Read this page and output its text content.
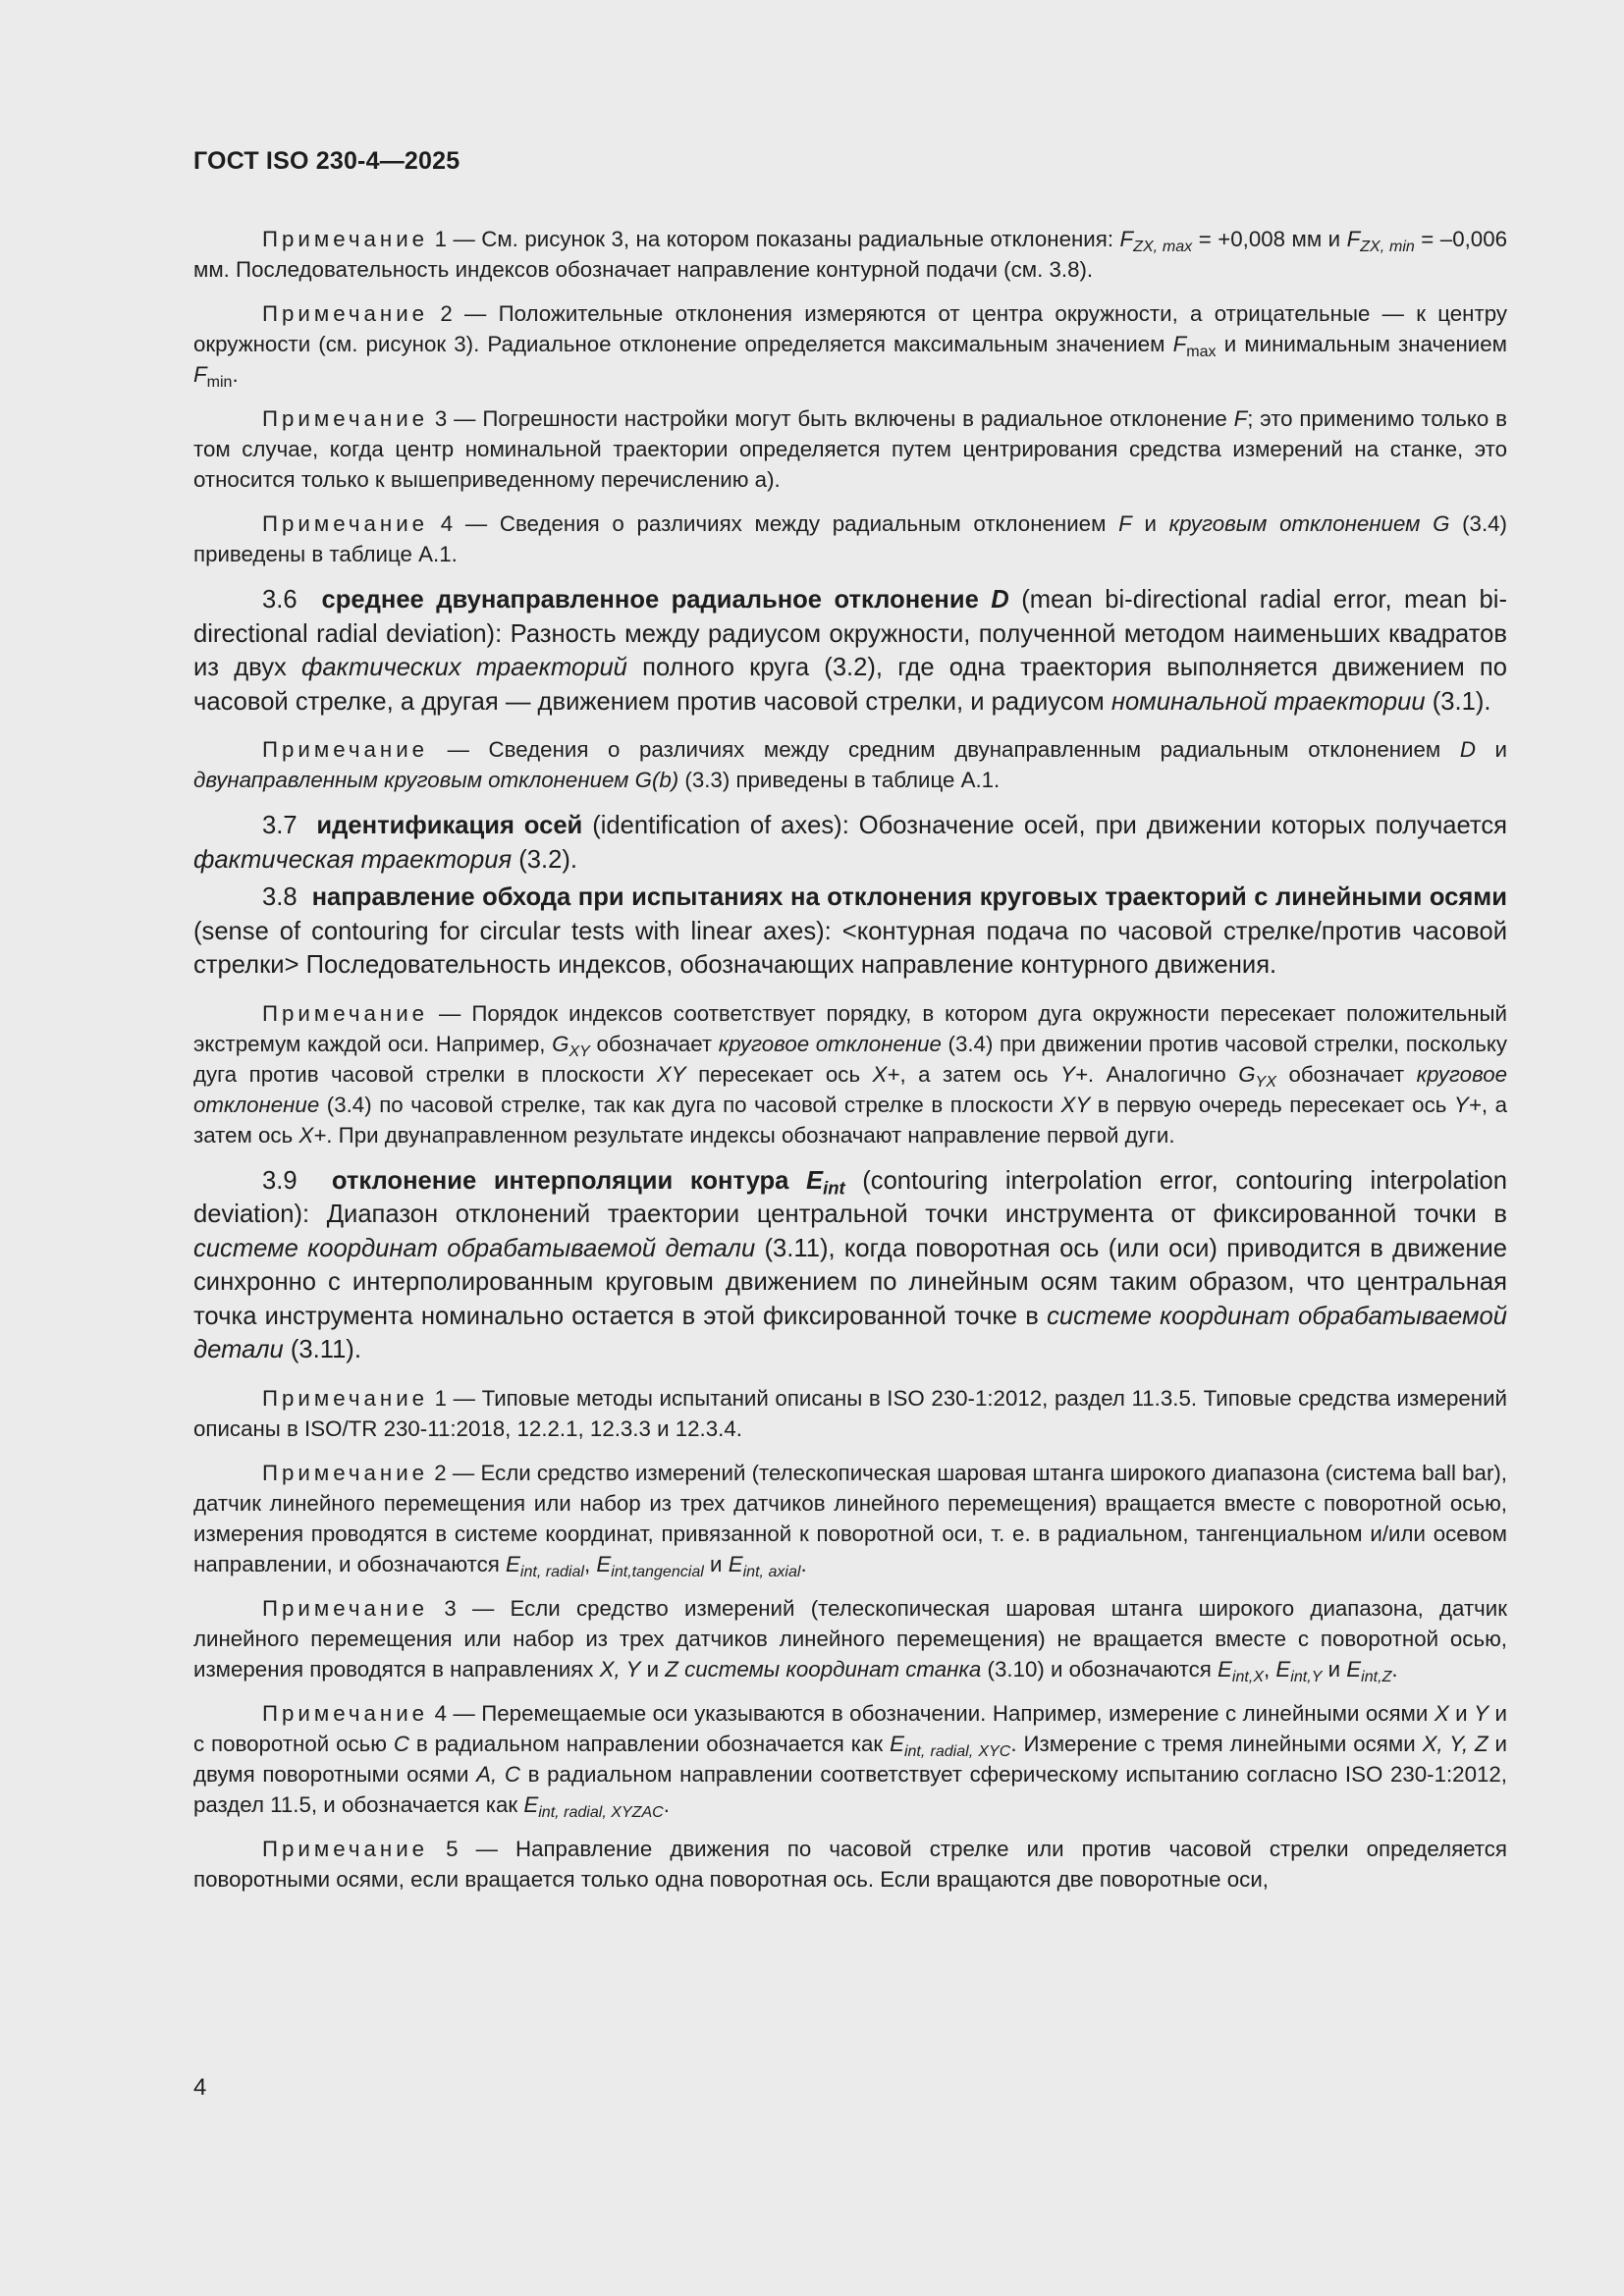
ГОСТ ISO 230-4—2025

Примечание 1 — См. рисунок 3, на котором показаны радиальные отклонения: $F_{ZX, max} = +0,008$ мм и $F_{ZX, min} = -0,006$ мм. Последовательность индексов обозначает направление контурной подачи (см. 3.8).

Примечание 2 — Положительные отклонения измеряются от центра окружности, а отрицательные — к центру окружности (см. рисунок 3). Радиальное отклонение определяется максимальным значением $F_{max}$ и минимальным значением $F_{min}$.

Примечание 3 — Погрешности настройки могут быть включены в радиальное отклонение F; это применимо только в том случае, когда центр номинальной траектории определяется путем центрирования средства измерений на станке, это относится только к вышеприведенному перечислению а).

Примечание 4 — Сведения о различиях между радиальным отклонением F и круговым отклонением G (3.4) приведены в таблице А.1.

3.6 среднее двунаправленное радиальное отклонение D (mean bi-directional radial error, mean bi-directional radial deviation): Разность между радиусом окружности, полученной методом наименьших квадратов из двух фактических траекторий полного круга (3.2), где одна траектория выполняется движением по часовой стрелке, а другая — движением против часовой стрелки, и радиусом номинальной траектории (3.1).

Примечание — Сведения о различиях между средним двунаправленным радиальным отклонением D и двунаправленным круговым отклонением G(b) (3.3) приведены в таблице А.1.

3.7 идентификация осей (identification of axes): Обозначение осей, при движении которых получается фактическая траектория (3.2).

3.8 направление обхода при испытаниях на отклонения круговых траекторий с линейными осями (sense of contouring for circular tests with linear axes): <контурная подача по часовой стрелке/против часовой стрелки> Последовательность индексов, обозначающих направление контурного движения.

Примечание — Порядок индексов соответствует порядку, в котором дуга окружности пересекает положительный экстремум каждой оси. Например, $G_{XY}$ обозначает круговое отклонение (3.4) при движении против часовой стрелки, поскольку дуга против часовой стрелки в плоскости XY пересекает ось X+, а затем ось Y+. Аналогично $G_{YX}$ обозначает круговое отклонение (3.4) по часовой стрелке, так как дуга по часовой стрелке в плоскости XY в первую очередь пересекает ось Y+, а затем ось X+. При двунаправленном результате индексы обозначают направление первой дуги.

3.9 отклонение интерполяции контура $E_{int}$ (contouring interpolation error, contouring interpolation deviation): Диапазон отклонений траектории центральной точки инструмента от фиксированной точки в системе координат обрабатываемой детали (3.11), когда поворотная ось (или оси) приводится в движение синхронно с интерполированным круговым движением по линейным осям таким образом, что центральная точка инструмента номинально остается в этой фиксированной точке в системе координат обрабатываемой детали (3.11).

Примечание 1 — Типовые методы испытаний описаны в ISO 230-1:2012, раздел 11.3.5. Типовые средства измерений описаны в ISO/TR 230-11:2018, 12.2.1, 12.3.3 и 12.3.4.

Примечание 2 — Если средство измерений (телескопическая шаровая штанга широкого диапазона (система ball bar), датчик линейного перемещения или набор из трех датчиков линейного перемещения) вращается вместе с поворотной осью, измерения проводятся в системе координат, привязанной к поворотной оси, т. е. в радиальном, тангенциальном и/или осевом направлении, и обозначаются $E_{int, radial}$, $E_{int,tangencial}$ и $E_{int, axial}$.

Примечание 3 — Если средство измерений (телескопическая шаровая штанга широкого диапазона, датчик линейного перемещения или набор из трех датчиков линейного перемещения) не вращается вместе с поворотной осью, измерения проводятся в направлениях X, Y и Z системы координат станка (3.10) и обозначаются $E_{int,X}$, $E_{int,Y}$ и $E_{int,Z}$.

Примечание 4 — Перемещаемые оси указываются в обозначении. Например, измерение с линейными осями X и Y и с поворотной осью C в радиальном направлении обозначается как $E_{int, radial, XYC}$. Измерение с тремя линейными осями X, Y, Z и двумя поворотными осями A, C в радиальном направлении соответствует сферическому испытанию согласно ISO 230-1:2012, раздел 11.5, и обозначается как $E_{int, radial, XYZAC}$.

Примечание 5 — Направление движения по часовой стрелке или против часовой стрелки определяется поворотными осями, если вращается только одна поворотная ось. Если вращаются две поворотные оси,

4
